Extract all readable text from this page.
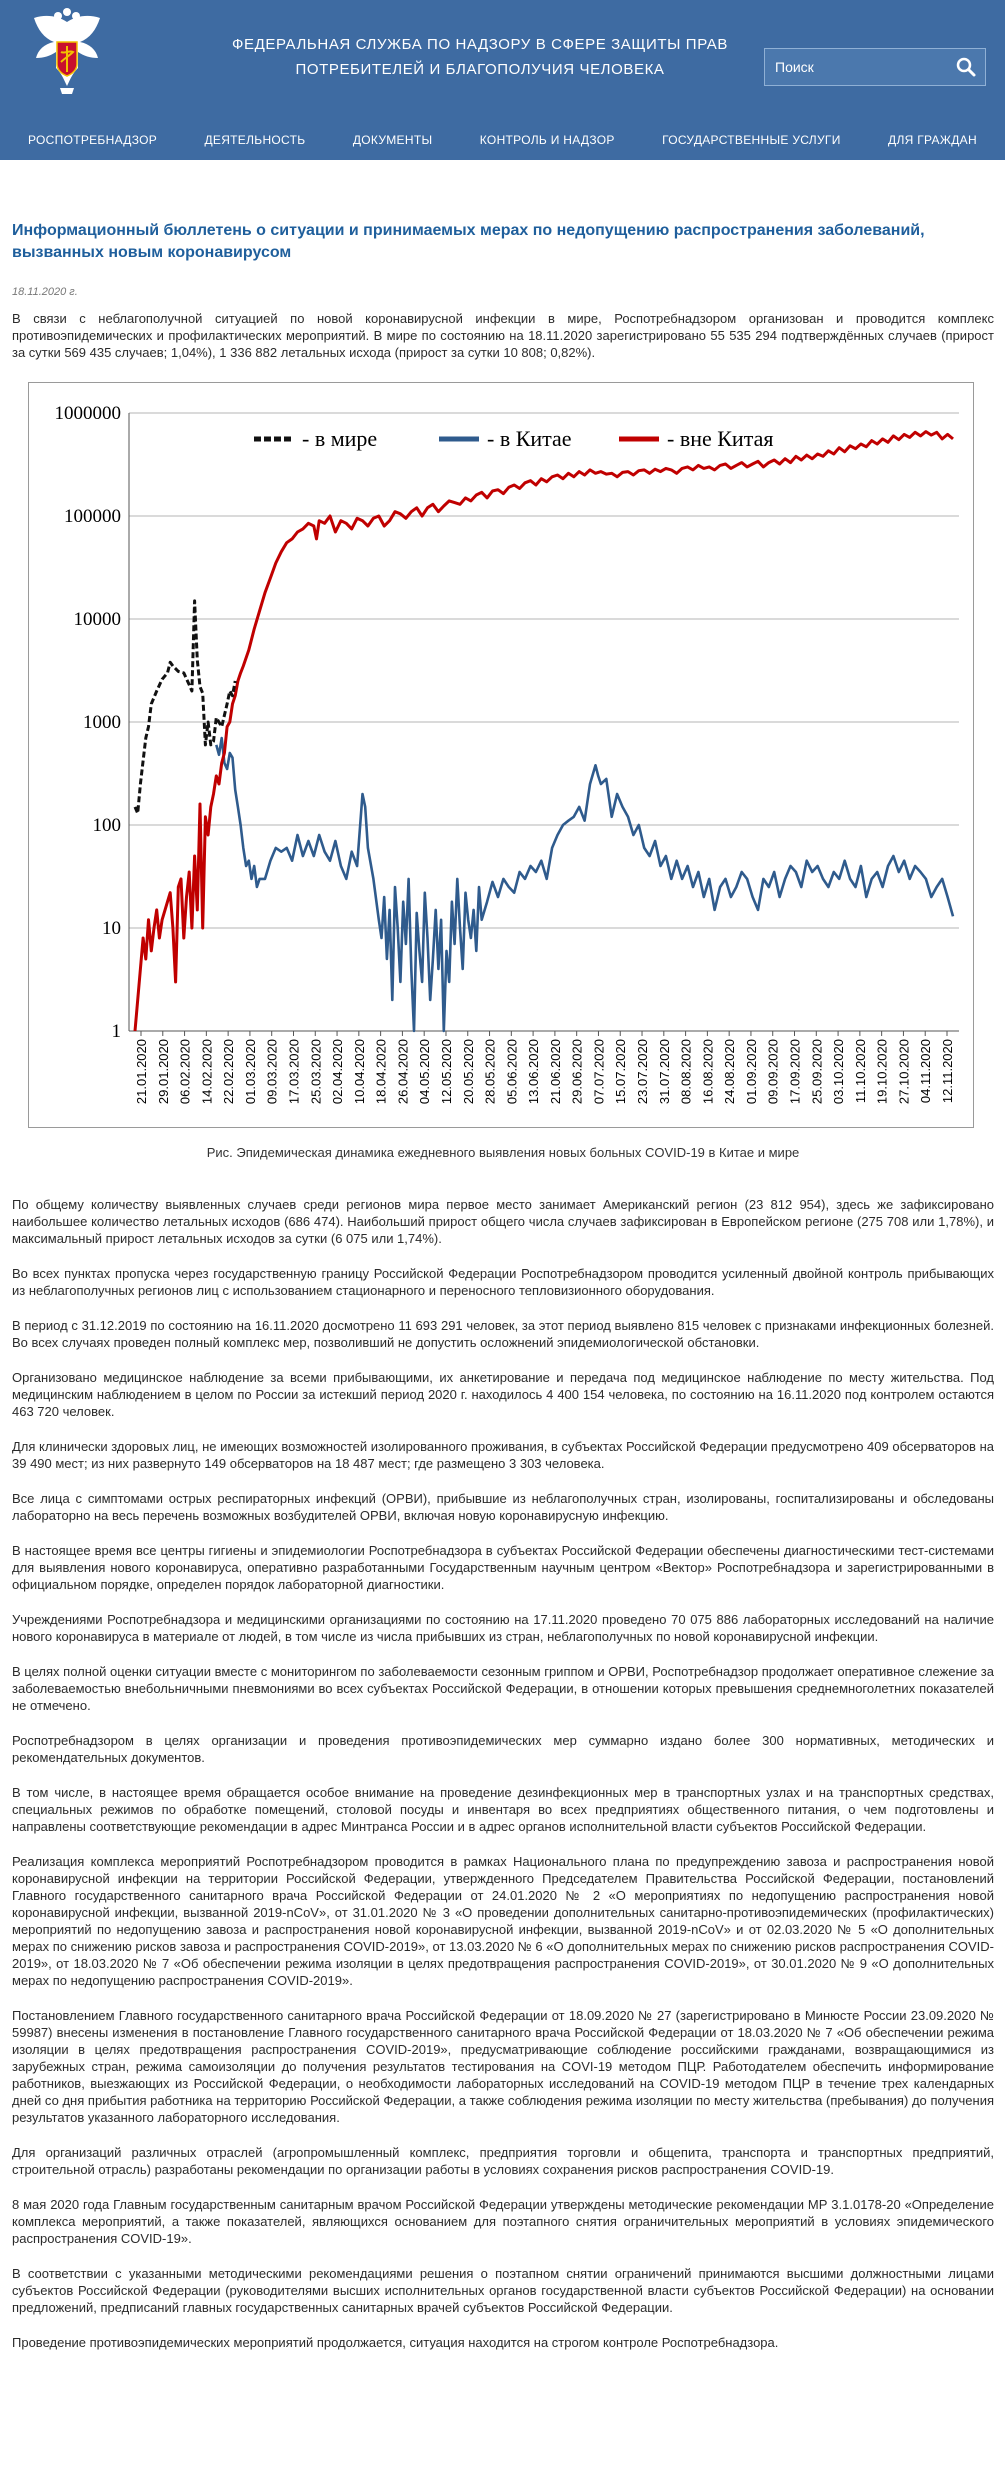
ФЕДЕРАЛЬНАЯ СЛУЖБА ПО НАДЗОРУ В СФЕРЕ ЗАЩИТЫ ПРАВ
ПОТРЕБИТЕЛЕЙ И БЛАГОПОЛУЧИЯ ЧЕЛОВЕКА
Поиск
РОСПОТРЕБНАДЗОР	ДЕЯТЕЛЬНОСТЬ	ДОКУМЕНТЫ	КОНТРОЛЬ И НАДЗОР	ГОСУДАРСТВЕННЫЕ УСЛУГИ	ДЛЯ ГРАЖДАН
Информационный бюллетень о ситуации и принимаемых мерах по недопущению распространения заболеваний, вызванных новым коронавирусом
18.11.2020 г.

В связи с неблагополучной ситуацией по новой коронавирусной инфекции в мире, Роспотребнадзором организован и проводится комплекс противоэпидемических и профилактических мероприятий. В мире по состоянию на 18.11.2020 зарегистрировано 55 535 294 подтверждённых случаев (прирост за сутки 569 435 случаев; 1,04%), 1 336 882 летальных исхода (прирост за сутки 10 808; 0,82%).

1
10
100
1000
10000
100000
1000000
21.01.2020 29.01.2020 06.02.2020 14.02.2020 22.02.2020 01.03.2020 09.03.2020 17.03.2020 25.03.2020 02.04.2020 10.04.2020 18.04.2020 26.04.2020 04.05.2020 12.05.2020 20.05.2020 28.05.2020 05.06.2020 13.06.2020 21.06.2020 29.06.2020 07.07.2020 15.07.2020 23.07.2020 31.07.2020 08.08.2020 16.08.2020 24.08.2020 01.09.2020 09.09.2020 17.09.2020 25.09.2020 03.10.2020 11.10.2020 19.10.2020 27.10.2020 04.11.2020 12.11.2020
- в мире	- в Китае	- вне Китая
Рис. Эпидемическая динамика ежедневного выявления новых больных COVID-19 в Китае и мире

По общему количеству выявленных случаев среди регионов мира первое место занимает Американский регион (23 812 954), здесь же зафиксировано наибольшее количество летальных исходов (686 474). Наибольший прирост общего числа случаев зафиксирован в Европейском регионе (275 708 или 1,78%), и максимальный прирост летальных исходов за сутки (6 075 или 1,74%).

Во всех пунктах пропуска через государственную границу Российской Федерации Роспотребнадзором проводится усиленный двойной контроль прибывающих из неблагополучных регионов лиц с использованием стационарного и переносного тепловизионного оборудования.

В период с 31.12.2019 по состоянию на 16.11.2020 досмотрено 11 693 291 человек, за этот период выявлено 815 человек с признаками инфекционных болезней. Во всех случаях проведен полный комплекс мер, позволивший не допустить осложнений эпидемиологической обстановки.

Организовано медицинское наблюдение за всеми прибывающими, их анкетирование и передача под медицинское наблюдение по месту жительства. Под медицинским наблюдением в целом по России за истекший период 2020 г. находилось 4 400 154 человека, по состоянию на 16.11.2020 под контролем остаются 463 720 человек.

Для клинически здоровых лиц, не имеющих возможностей изолированного проживания, в субъектах Российской Федерации предусмотрено 409 обсерваторов на 39 490 мест; из них развернуто 149 обсерваторов на 18 487 мест; где размещено 3 303 человека.

Все лица с симптомами острых респираторных инфекций (ОРВИ), прибывшие из неблагополучных стран, изолированы, госпитализированы и обследованы лабораторно на весь перечень возможных возбудителей ОРВИ, включая новую коронавирусную инфекцию.

В настоящее время все центры гигиены и эпидемиологии Роспотребнадзора в субъектах Российской Федерации обеспечены диагностическими тест-системами для выявления нового коронавируса, оперативно разработанными Государственным научным центром «Вектор» Роспотребнадзора и зарегистрированными в официальном порядке, определен порядок лабораторной диагностики.

Учреждениями Роспотребнадзора и медицинскими организациями по состоянию на 17.11.2020 проведено 70 075 886 лабораторных исследований на наличие нового коронавируса в материале от людей, в том числе из числа прибывших из стран, неблагополучных по новой коронавирусной инфекции.

В целях полной оценки ситуации вместе с мониторингом по заболеваемости сезонным гриппом и ОРВИ, Роспотребнадзор продолжает оперативное слежение за заболеваемостью внебольничными пневмониями во всех субъектах Российской Федерации, в отношении которых превышения среднемноголетних показателей не отмечено.

Роспотребнадзором в целях организации и проведения противоэпидемических мер суммарно издано более 300 нормативных, методических и рекомендательных документов.

В том числе, в настоящее время обращается особое внимание на проведение дезинфекционных мер в транспортных узлах и на транспортных средствах, специальных режимов по обработке помещений, столовой посуды и инвентаря во всех предприятиях общественного питания, о чем подготовлены и направлены соответствующие рекомендации в адрес Минтранса России и в адрес органов исполнительной власти субъектов Российской Федерации.

Реализация комплекса мероприятий Роспотребнадзором проводится в рамках Национального плана по предупреждению завоза и распространения новой коронавирусной инфекции на территории Российской Федерации, утвержденного Председателем Правительства Российской Федерации, постановлений Главного государственного санитарного врача Российской Федерации от 24.01.2020 № 2 «О мероприятиях по недопущению распространения новой коронавирусной инфекции, вызванной 2019-nCoV», от 31.01.2020 № 3 «О проведении дополнительных санитарно-противоэпидемических (профилактических) мероприятий по недопущению завоза и распространения новой коронавирусной инфекции, вызванной 2019-nCoV» и от 02.03.2020 № 5 «О дополнительных мерах по снижению рисков завоза и распространения COVID-2019», от 13.03.2020 № 6 «О дополнительных мерах по снижению рисков распространения COVID-2019», от 18.03.2020 № 7 «Об обеспечении режима изоляции в целях предотвращения распространения COVID-2019», от 30.01.2020 № 9 «О дополнительных мерах по недопущению распространения COVID-2019».

Постановлением Главного государственного санитарного врача Российской Федерации от 18.09.2020 № 27 (зарегистрировано в Минюсте России 23.09.2020 № 59987) внесены изменения в постановление Главного государственного санитарного врача Российской Федерации от 18.03.2020 № 7 «Об обеспечении режима изоляции в целях предотвращения распространения COVID-2019», предусматривающие соблюдение российскими гражданами, возвращающимися из зарубежных стран, режима самоизоляции до получения результатов тестирования на COVI-19 методом ПЦР. Работодателем обеспечить информирование работников, выезжающих из Российской Федерации, о необходимости лабораторных исследований на COVID-19 методом ПЦР в течение трех календарных дней со дня прибытия работника на территорию Российской Федерации, а также соблюдения режима изоляции по месту жительства (пребывания) до получения результатов указанного лабораторного исследования.

Для организаций различных отраслей (агропромышленный комплекс, предприятия торговли и общепита, транспорта и транспортных предприятий, строительной отрасль) разработаны рекомендации по организации работы в условиях сохранения рисков распространения COVID-19.

8 мая 2020 года Главным государственным санитарным врачом Российской Федерации утверждены методические рекомендации МР 3.1.0178-20 «Определение комплекса мероприятий, а также показателей, являющихся основанием для поэтапного снятия ограничительных мероприятий в условиях эпидемического распространения COVID-19».

В соответствии с указанными методическими рекомендациями решения о поэтапном снятии ограничений принимаются высшими должностными лицами субъектов Российской Федерации (руководителями высших исполнительных органов государственной власти субъектов Российской Федерации) на основании предложений, предписаний главных государственных санитарных врачей субъектов Российской Федерации.

Проведение противоэпидемических мероприятий продолжается, ситуация находится на строгом контроле Роспотребнадзора.
